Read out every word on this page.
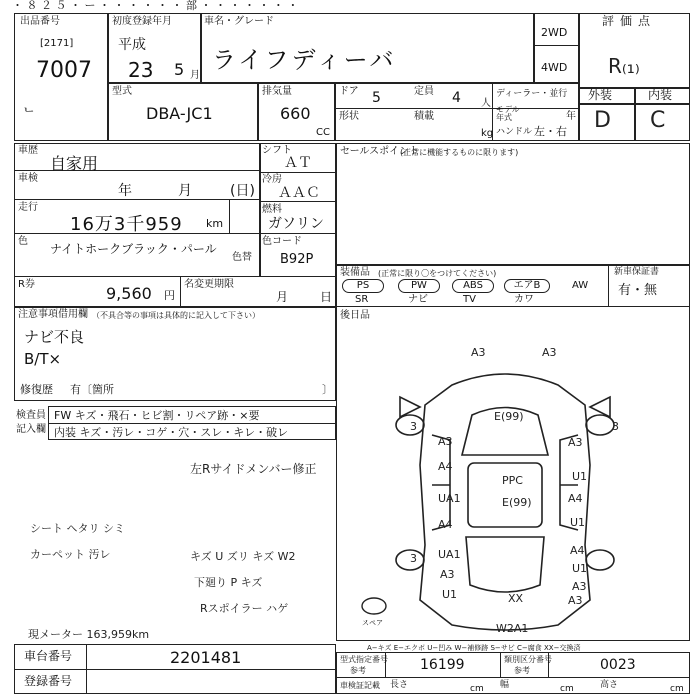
・ ８ ２ ５ ・ ー ・ ・ ・ ・ ・ ・ 部 ・ ・ ・ ・ ・ ・ ・
出品番号
[2171]
7007
初度登録年月
平成
23 5 月
車名・グレード
ライフディーバ
2WD
4WD
評価点
R₍₁₎
型式
DBA-JC1
排気量
660
CC
ドア 5	定員 4 人
形状	積載
kg
ディーラー・並行
モデル 年式	年
ハンドル 左・右
外装	内装
D C
ᄂ
車歴
自家用
車検
年	月	(日)
走行
16万3千959 km
色
ナイトホークブラック・パール
色替
R券	9,560 円
名変更期限
月	日
シフト
ＡＴ
冷房
ＡＡＣ
燃料
ガソリン
色コード
B92P
注意事項借用欄 （不具合等の事項は具体的に記入して下さい）
ナビ不良
B/T×
修復歴 有〔箇所	〕
セールスポイント
(正常に機能するものに限ります)
装備品 (正常に限り〇をつけてください)
PS	PW	ABS	エアB	AW
SR	ナビ	TV	カワ
新車保証書
有・無
後日品
検査員
記入欄
FW キズ・飛石・ヒビ割・リペア跡・×要
内装 キズ・汚レ・コゲ・穴・スレ・キレ・破レ
左Rサイドメンバー修正
シート ヘタリ シミ
カーペット 汚レ	キズ U ズリ キズ W2
下廻り P キズ
Rスポイラー ハゲ
現メーター 163,959km
スペア
A3	A3
E(99)
3	3
A3	A3
A4
U1
UA1	A4
PPC
E(99)
U1
A4
UA1
A3
U1	XX
A3
A4
U1
A3
3
W2A1
A−キズ E−エクボ U−凹み W−補修跡 S−サビ C−腐食 XX−交換済
車台番号	2201481
登録番号
型式指定番号
参考	16199	類別区分番号
参考	0023
車検証記載 長さ	cm 幅	cm	高さ	cm
